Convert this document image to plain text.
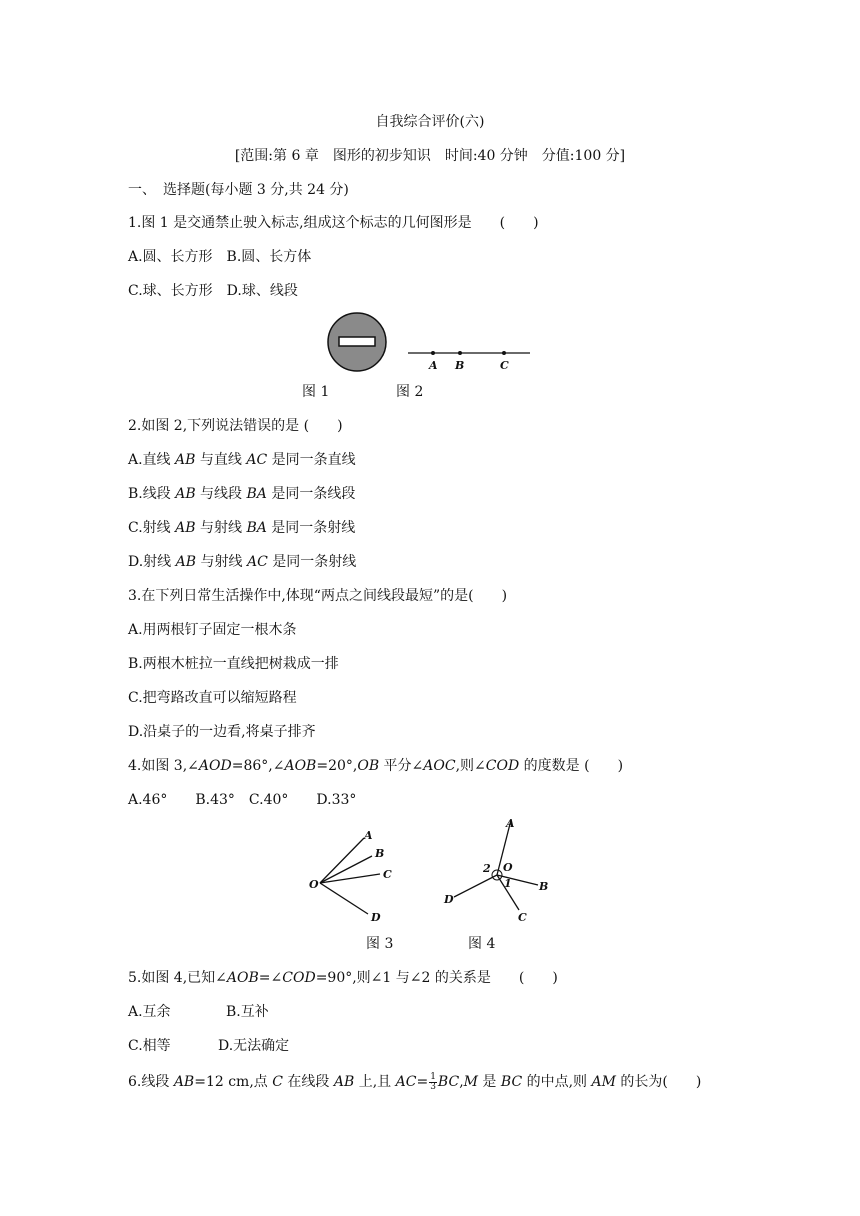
自我综合评价(六)
[范围:第 6 章　图形的初步知识　时间:40 分钟　分值:100 分]
一、　选择题(每小题 3 分,共 24 分)
1.图 1 是交通禁止驶入标志,组成这个标志的几何图形是　　(　　)
A.圆、长方形　B.圆、长方体
C.球、长方形　D.球、线段
图 1
A B	C
图 2
2.如图 2,下列说法错误的是 (　　)
A.直线 AB 与直线 AC 是同一条直线
B.线段 AB 与线段 BA 是同一条线段
C.射线 AB 与射线 BA 是同一条射线
D.射线 AB 与射线 AC 是同一条射线
3.在下列日常生活操作中,体现“两点之间线段最短”的是(　　)
A.用两根钉子固定一根木条
B.两根木桩拉一直线把树栽成一排
C.把弯路改直可以缩短路程
D.沿桌子的一边看,将桌子排齐
4.如图 3,∠AOD=86°,∠AOB=20°,OB 平分∠AOC,则∠COD 的度数是 (　　)
A.46°　　B.43°　C.40°　　D.33°
A
B
C
D
O
图 3
A
B
C
D
O
1
2
图 4
5.如图 4,已知∠AOB=∠COD=90°,则∠1 与∠2 的关系是　　(　　)
A.互余	B.互补
C.相等	D.无法确定
6.线段 AB=12 cm,点 C 在线段 AB 上,且 $AC= \frac{1}{3} BC,M$ 是 BC 的中点,则 AM 的长为(　　)
